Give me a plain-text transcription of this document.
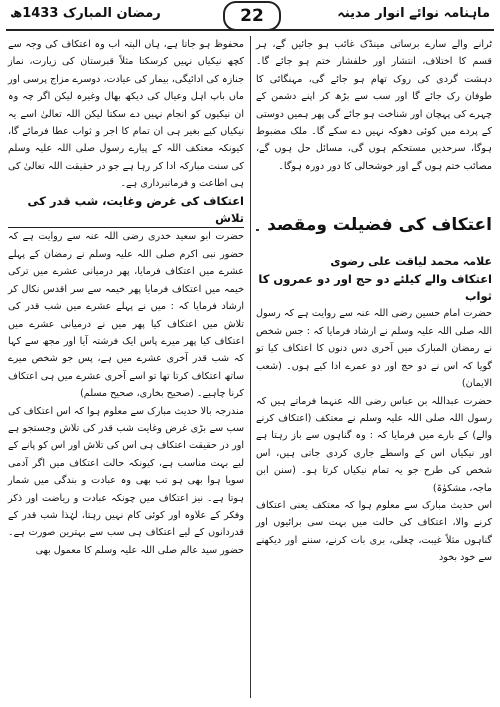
رمضان المبارک 1433ھ	22	ماہنامہ نوائے انوار مدینہ

ٹرانے والے سارے برساتی مینڈک غائب ہو جائیں گے، ہر قسم کا اختلاف، انتشار اور خلفشار ختم ہو جائے گا۔ دہشت گردی کی روک تھام ہو جائے گی، مہنگائی کا طوفان رک جائے گا اور سب سے بڑھ کر اپنے دشمن کے چہرے کی پہچان اور شناخت ہو جائے گی پھر ہمیں دوستی کے پردے میں کوئی دھوکہ نہیں دے سکے گا۔ ملک مضبوط ہوگا، سرحدیں مستحکم ہوں گی، مسائل حل ہوں گے، مصائب ختم ہوں گے اور خوشحالی کا دور دورہ ہوگا۔

اعتکاف کی فضیلت ومقصد

علامہ محمد لیاقت علی رضوی

اعتکاف والے کیلئے دو حج اور دو عمروں کا ثواب

حضرت امام حسین رضی اللہ عنہ سے روایت ہے کہ رسول اللہ صلی اللہ علیہ وسلم نے ارشاد فرمایا کہ : جس شخص نے رمضان المبارک میں آخری دس دنوں کا اعتکاف کیا تو گویا کہ اس نے دو حج اور دو عمرے ادا کیے ہوں۔ (شعب الایمان)

حضرت عبداللہ بن عباس رضی اللہ عنہما فرماتے ہیں کہ رسول اللہ صلی اللہ علیہ وسلم نے معتکف (اعتکاف کرنے والے) کے بارے میں فرمایا کہ : وہ گناہوں سے باز رہتا ہے اور نیکیاں اس کے واسطے جاری کردی جاتی ہیں، اس شخص کی طرح جو یہ تمام نیکیاں کرتا ہو۔ (سنن ابن ماجہ، مشکوٰۃ)

اس حدیث مبارک سے معلوم ہوا کہ معتکف یعنی اعتکاف کرنے والا، اعتکاف کی حالت میں بہت سی برائیوں اور گناہوں مثلاً غیبت، چغلی، بری بات کرنے، سننے اور دیکھنے سے خود بخود

محفوظ ہو جاتا ہے، ہاں البتہ اب وہ اعتکاف کی وجہ سے کچھ نیکیاں نہیں کرسکتا مثلاً قبرستان کی زیارت، نماز جنازہ کی ادائیگی، بیمار کی عیادت، دوسرے مزاج پرسی اور ماں باپ اہل وعیال کی دیکھ بھال وغیرہ لیکن اگر چہ وہ ان نیکیوں کو انجام نہیں دے سکتا لیکن اللہ تعالیٰ اسے یہ نیکیاں کیے بغیر ہی ان تمام کا اجر و ثواب عطا فرمائے گا، کیونکہ معتکف اللہ کے پیارے رسول صلی اللہ علیہ وسلم کی سنت مبارکہ ادا کر رہا ہے جو در حقیقت اللہ تعالیٰ کی ہی اطاعت و فرمانبرداری ہے۔

اعتکاف کی غرض وغایت، شب قدر کی تلاش

حضرت ابو سعید خدری رضی اللہ عنہ سے روایت ہے کہ حضور نبی اکرم صلی اللہ علیہ وسلم نے رمضان کے پہلے عشرے میں اعتکاف فرمایا، پھر درمیانی عشرے میں ترکی خیمہ میں اعتکاف فرمایا پھر خیمہ سے سر اقدس نکال کر ارشاد فرمایا کہ : میں نے پہلے عشرے میں شب قدر کی تلاش میں اعتکاف کیا پھر میں نے درمیانی عشرے میں اعتکاف کیا پھر میرے پاس ایک فرشتہ آیا اور مجھ سے کہا کہ شب قدر آخری عشرے میں ہے، پس جو شخص میرے ساتھ اعتکاف کرتا تھا تو اسے آخری عشرے میں ہی اعتکاف کرنا چاہیے۔ (صحیح بخاری، صحیح مسلم)

مندرجہ بالا حدیث مبارک سے معلوم ہوا کہ اس اعتکاف کی سب سے بڑی غرض وغایت شب قدر کی تلاش وجستجو ہے اور در حقیقت اعتکاف ہی اس کی تلاش اور اس کو پانے کے لیے بہت مناسب ہے، کیونکہ حالت اعتکاف میں اگر آدمی سویا ہوا بھی ہو تب بھی وہ عبادت و بندگی میں شمار ہوتا ہے۔ نیز اعتکاف میں چونکہ عبادت و ریاضت اور ذکر وفکر کے علاوہ اور کوئی کام نہیں رہتا، لہٰذا شب قدر کے قدردانوں کے لیے اعتکاف ہی سب سے بہترین صورت ہے۔ حضور سید عالم صلی اللہ علیہ وسلم کا معمول بھی
